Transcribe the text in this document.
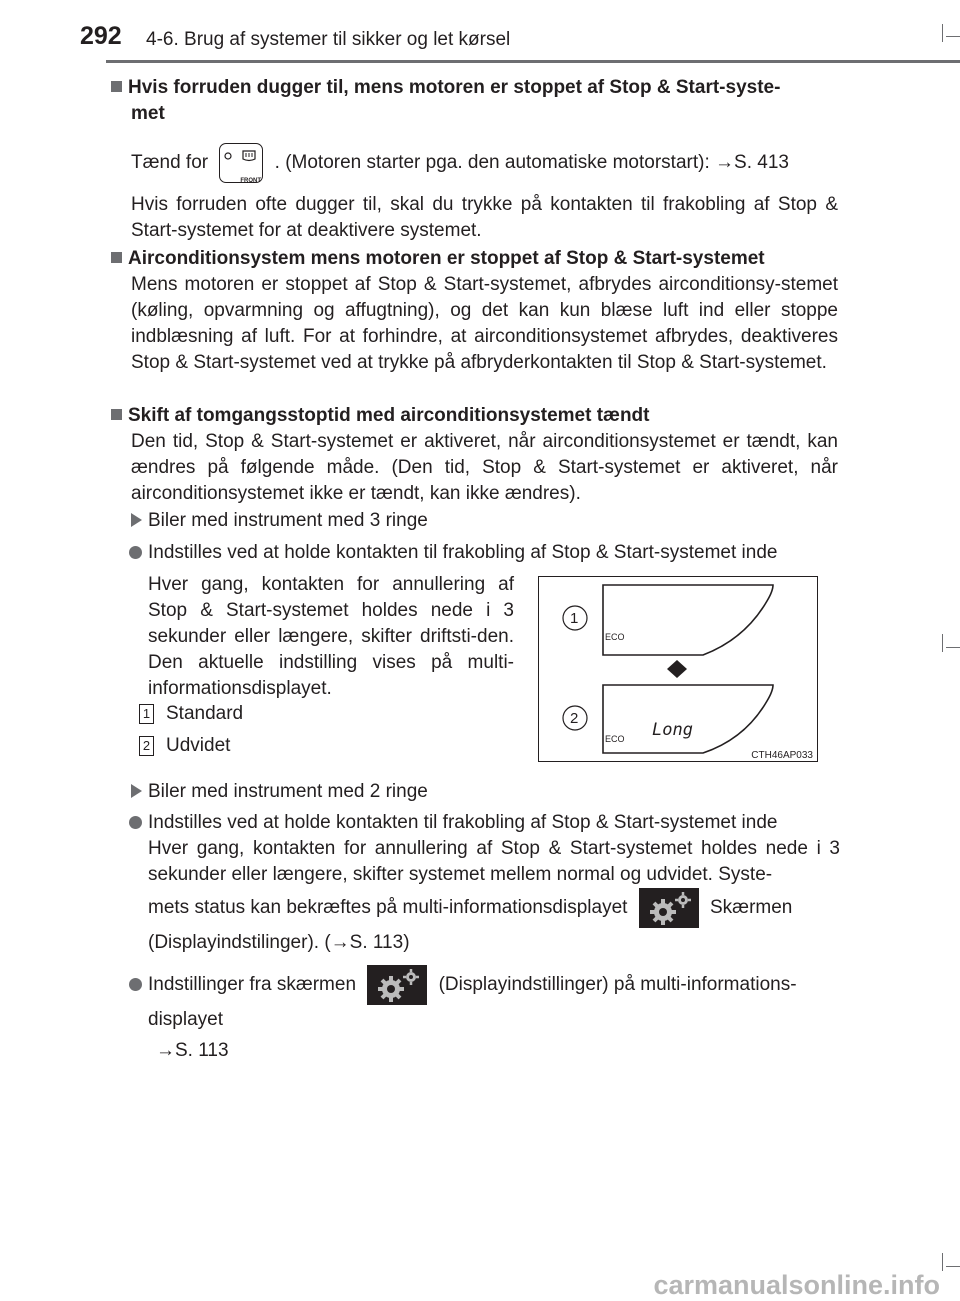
292 4-6. Brug af systemer til sikker og let kørsel
Hvis forruden dugger til, mens motoren er stoppet af Stop & Start-syste-
met
Tænd for
FRONT
. (Motoren starter pga. den automatiske motorstart): →S. 413
Hvis forruden ofte dugger til, skal du trykke på kontakten til frakobling af Stop & Start-systemet for at deaktivere systemet.
Airconditionsystem mens motoren er stoppet af Stop & Start-systemet
Mens motoren er stoppet af Stop & Start-systemet, afbrydes airconditionsy-stemet (køling, opvarmning og affugtning), og det kan kun blæse luft ind eller stoppe indblæsning af luft. For at forhindre, at airconditionsystemet afbrydes, deaktiveres Stop & Start-systemet ved at trykke på afbryderkontakten til Stop & Start-systemet.
Skift af tomgangsstoptid med airconditionsystemet tændt
Den tid, Stop & Start-systemet er aktiveret, når airconditionsystemet er tændt, kan ændres på følgende måde. (Den tid, Stop & Start-systemet er aktiveret, når airconditionsystemet ikke er tændt, kan ikke ændres).
Biler med instrument med 3 ringe
Indstilles ved at holde kontakten til frakobling af Stop & Start-systemet inde
Hver gang, kontakten for annullering af Stop & Start-systemet holdes nede i 3 sekunder eller længere, skifter driftsti-den. Den aktuelle indstilling vises på multi-informationsdisplayet.
1 Standard
2 Udvidet
1
2
ECO
ECO Long
CTH46AP033
Biler med instrument med 2 ringe
Indstilles ved at holde kontakten til frakobling af Stop & Start-systemet inde
Hver gang, kontakten for annullering af Stop & Start-systemet holdes nede i 3 sekunder eller længere, skifter systemet mellem normal og udvidet. Syste-
mets status kan bekræftes på multi-informationsdisplayet	Skærmen
(Displayindstilinger). (→S. 113)
Indstillinger fra skærmen	(Displayindstillinger) på multi-informations-
displayet
→S. 113
carmanualsonline.info
